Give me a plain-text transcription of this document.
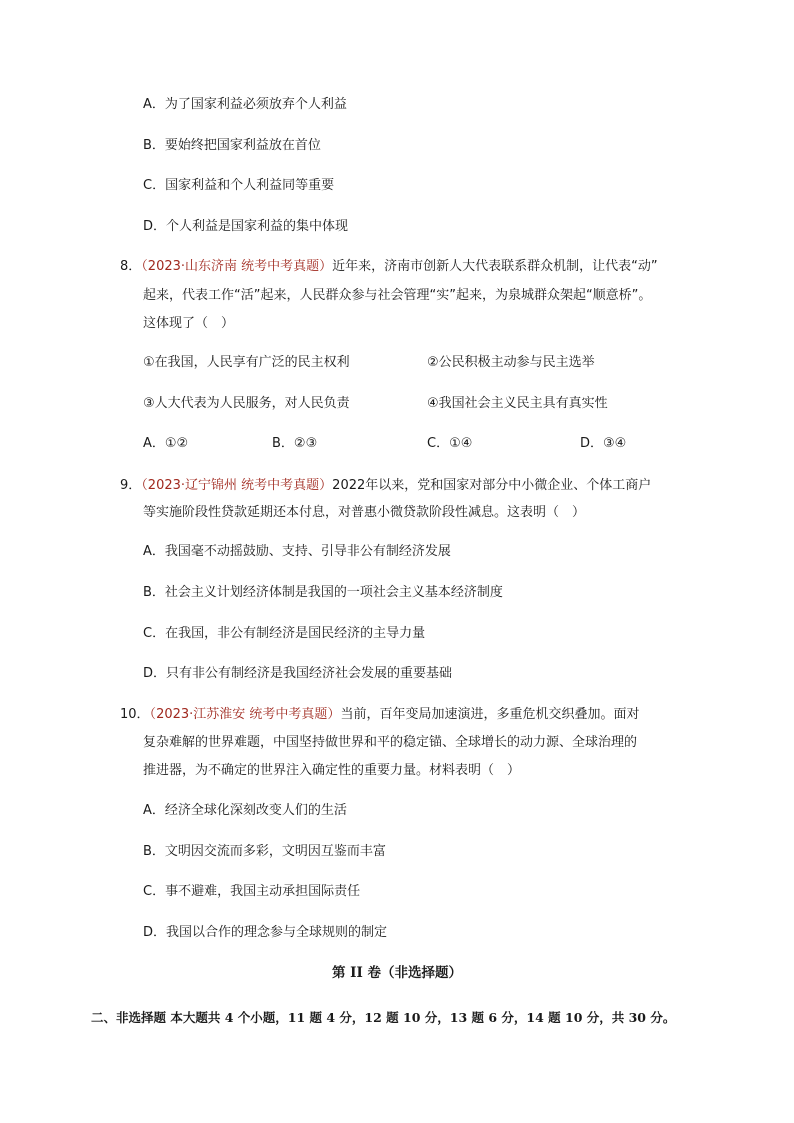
A．为了国家利益必须放弃个人利益
B．要始终把国家利益放在首位
C．国家利益和个人利益同等重要
D．个人利益是国家利益的集中体现
8．（2023·山东济南 统考中考真题）近年来，济南市创新人大代表联系群众机制，让代表“动”
起来，代表工作“活”起来，人民群众参与社会管理“实”起来，为泉城群众架起“顺意桥”。
这体现了（　）
①在我国，人民享有广泛的民主权利	②公民积极主动参与民主选举
③人大代表为人民服务，对人民负责	④我国社会主义民主具有真实性
A．①②	B．②③	C．①④	D．③④
9．（2023·辽宁锦州 统考中考真题）2022年以来，党和国家对部分中小微企业、个体工商户
等实施阶段性贷款延期还本付息，对普惠小微贷款阶段性减息。这表明（　）
A．我国毫不动摇鼓励、支持、引导非公有制经济发展
B．社会主义计划经济体制是我国的一项社会主义基本经济制度
C．在我国，非公有制经济是国民经济的主导力量
D．只有非公有制经济是我国经济社会发展的重要基础
10．（2023·江苏淮安 统考中考真题）当前，百年变局加速演进，多重危机交织叠加。面对
复杂难解的世界难题，中国坚持做世界和平的稳定锚、全球增长的动力源、全球治理的
推进器，为不确定的世界注入确定性的重要力量。材料表明（　）
A．经济全球化深刻改变人们的生活
B．文明因交流而多彩，文明因互鉴而丰富
C．事不避难，我国主动承担国际责任
D．我国以合作的理念参与全球规则的制定
第 II 卷（非选择题）
二、非选择题 本大题共 4 个小题，11 题 4 分，12 题 10 分，13 题 6 分，14 题 10 分，共 30 分。
